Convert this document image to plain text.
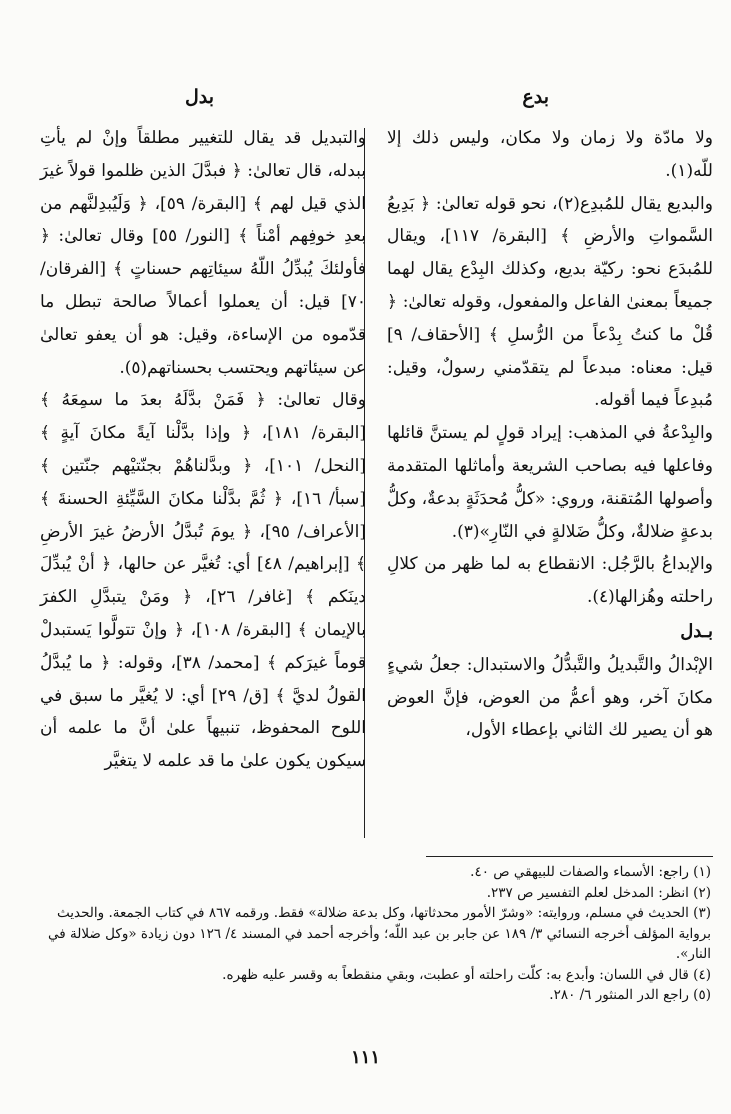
بدع
بدل

ولا مادّة ولا زمان ولا مكان، وليس ذلك إلا للّه(١).

والبديع يقال للمُبدِع(٢)، نحو قوله تعالىٰ: ﴿ بَدِيعُ السَّمواتِ والأرضِ ﴾ [البقرة/ ١١٧]، ويقال للمُبدَع نحو: ركيّة بديع، وكذلك البِدْع يقال لهما جميعاً بمعنىٰ الفاعل والمفعول، وقوله تعالىٰ: ﴿ قُلْ ما كنتُ بِدْعاً من الرُّسلِ ﴾ [الأحقاف/ ٩] قيل: معناه: مبدعاً لم يتقدّمني رسولٌ، وقيل: مُبدِعاً فيما أقوله.

والبِدْعةُ في المذهب: إيراد قولٍ لم يستنَّ قائلها وفاعلها فيه بصاحب الشريعة وأماثلها المتقدمة وأصولها المُتقنة، وروي: «كلُّ مُحدَثَةٍ بدعةٌ، وكلُّ بدعةٍ ضلالةٌ، وكلُّ ضَلالةٍ في النّارِ»(٣).

والإبداعُ بالرَّجُل: الانقطاع به لما ظهر من كلالِ راحلته وهُزالها(٤).

بـدل

الإبْدالُ والتَّبديلُ والتَّبدُّلُ والاستبدال: جعلُ شيءٍ مكانَ آخر، وهو أعمُّ من العوض، فإنَّ العوض هو أن يصير لك الثاني بإعطاء الأول،

والتبديل قد يقال للتغيير مطلقاً وإنْ لم يأتِ ببدله، قال تعالىٰ: ﴿ فبدَّلَ الذين ظلموا قولاً غيرَ الذي قيل لهم ﴾ [البقرة/ ٥٩]، ﴿ وَلَيُبدِلنَّهم من بعدِ خوفِهم أمْناً ﴾ [النور/ ٥٥] وقال تعالىٰ: ﴿ فأولئكَ يُبدِّلُ اللّهُ سيئاتِهم حسناتٍ ﴾ [الفرقان/ ٧٠] قيل: أن يعملوا أعمالاً صالحة تبطل ما قدّموه من الإساءة، وقيل: هو أن يعفو تعالىٰ عن سيئاتهم ويحتسب بحسناتهم(٥).

وقال تعالىٰ: ﴿ فَمَنْ بدَّلَهُ بعدَ ما سمِعَهُ ﴾ [البقرة/ ١٨١]، ﴿ وإذا بدَّلْنا آيةً مكانَ آيةٍ ﴾ [النحل/ ١٠١]، ﴿ وبدَّلناهُمْ بجنّتيْهم جنّتين ﴾ [سبأ/ ١٦]، ﴿ ثُمَّ بدَّلْنا مكانَ السَّيِّئةِ الحسنةَ ﴾ [الأعراف/ ٩٥]، ﴿ يومَ تُبدَّلُ الأرضُ غيرَ الأرضِ ﴾ [إبراهيم/ ٤٨] أي: تُغيَّر عن حالها، ﴿ أنْ يُبدِّلَ دينَكم ﴾ [غافر/ ٢٦]، ﴿ ومَنْ يتبدَّلِ الكفرَ بالإيمان ﴾ [البقرة/ ١٠٨]، ﴿ وإنْ تتولَّوا يَستبدلْ قوماً غيرَكم ﴾ [محمد/ ٣٨]، وقوله: ﴿ ما يُبدَّلُ القولُ لديَّ ﴾ [ق/ ٢٩] أي: لا يُغيَّر ما سبق في اللوح المحفوظ، تنبيهاً علىٰ أنَّ ما علمه أن سيكون يكون علىٰ ما قد علمه لا يتغيَّر

(١) راجع: الأسماء والصفات للبيهقي ص ٤٠.
(٢) انظر: المدخل لعلم التفسير ص ٢٣٧.
(٣) الحديث في مسلم، وروايته: «وشرّ الأمور محدثاتها، وكل بدعة ضلالة» فقط. ورقمه ٨٦٧ في كتاب الجمعة. والحديث برواية المؤلف أخرجه النسائي ٣/ ١٨٩ عن جابر بن عبد اللّه؛ وأخرجه أحمد في المسند ٤/ ١٢٦ دون زيادة «وكل ضلالة في النار».
(٤) قال في اللسان: وأبدع به: كلّت راحلته أو عطبت، وبقي منقطعاً به وقسر عليه ظهره.
(٥) راجع الدر المنثور ٦/ ٢٨٠.
١١١
